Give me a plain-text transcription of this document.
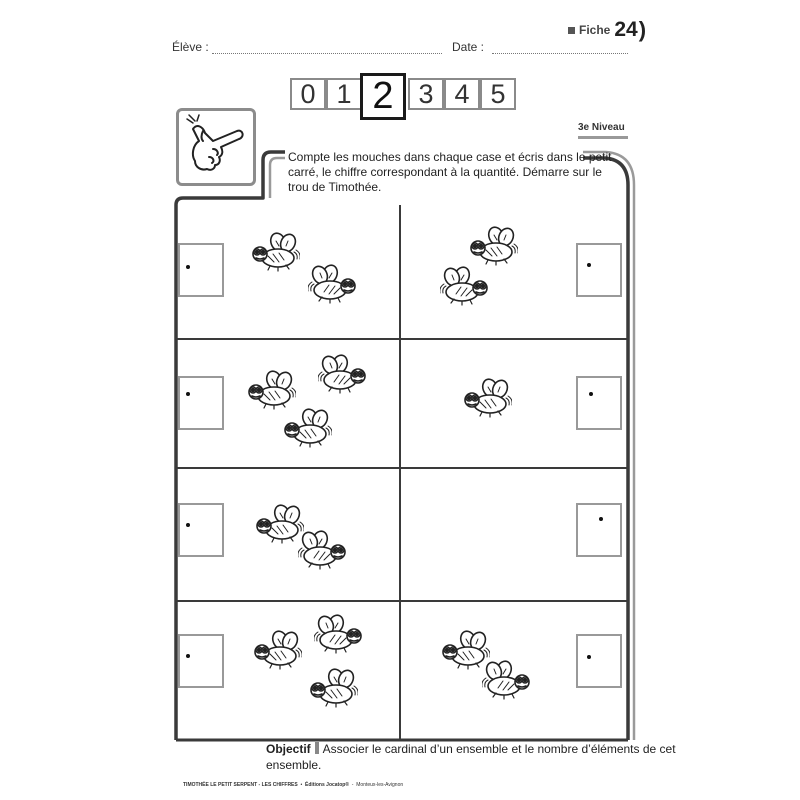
Fiche 24 )
Élève :	Date :
0 1 2 3 4 5
3e Niveau
Compte les mouches dans chaque case et écris dans le petit carré, le chiffre correspondant à la quantité. Démarre sur le trou de Timothée.
Objectif Associer le cardinal d’un ensemble et le nombre d’éléments de cet ensemble.
TIMOTHÉE LE PETIT SERPENT - LES CHIFFRES  •  Éditions Jocatop®  -  Monteux-les-Avignon
